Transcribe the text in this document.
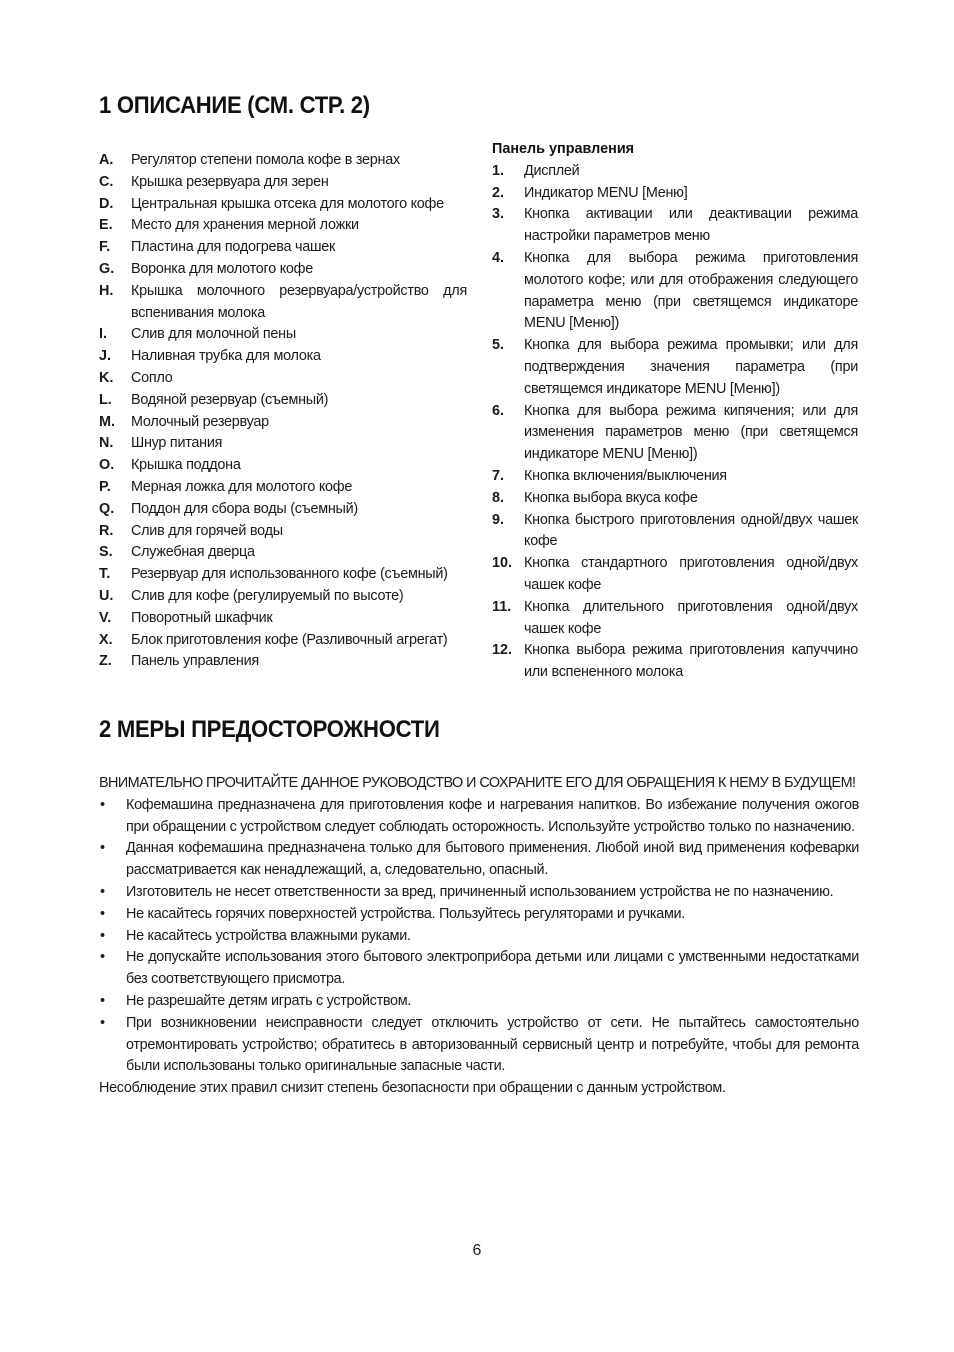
1 ОПИСАНИЕ (СМ. СТР. 2)
A.	Регулятор степени помола кофе в зернах
C.	Крышка резервуара для зерен
D.	Центральная крышка отсека для молотого кофе
E.	Место для хранения мерной ложки
F.	Пластина для подогрева чашек
G.	Воронка для молотого кофе
H.	Крышка молочного резервуара/устройство для вспенивания молока
I.	Слив для молочной пены
J.	Наливная трубка для молока
K.	Сопло
L.	Водяной резервуар (съемный)
M.	Молочный резервуар
N.	Шнур питания
O.	Крышка поддона
P.	Мерная ложка для молотого кофе
Q.	Поддон для сбора воды (съемный)
R.	Слив для горячей воды
S.	Служебная дверца
T.	Резервуар для использованного кофе (съемный)
U.	Слив для кофе (регулируемый по высоте)
V.	Поворотный шкафчик
X.	Блок приготовления кофе (Разливочный агрегат)
Z.	Панель управления
Панель управления
1.	Дисплей
2.	Индикатор MENU [Меню]
3.	Кнопка активации или деактивации режима настройки параметров меню
4.	Кнопка для выбора режима приготовления молотого кофе; или для отображения следующего параметра меню (при светящемся индикаторе MENU [Меню])
5.	Кнопка для выбора режима промывки; или для подтверждения значения параметра (при светящемся индикаторе MENU [Меню])
6.	Кнопка для выбора режима кипячения; или для изменения параметров меню (при светящемся индикаторе MENU [Меню])
7.	Кнопка включения/выключения
8.	Кнопка выбора вкуса кофе
9.	Кнопка быстрого приготовления одной/двух чашек кофе
10. Кнопка стандартного приготовления одной/двух чашек кофе
11. Кнопка длительного приготовления одной/двух чашек кофе
12. Кнопка выбора режима приготовления капуччино или вспененного молока
2 МЕРЫ ПРЕДОСТОРОЖНОСТИ
ВНИМАТЕЛЬНО ПРОЧИТАЙТЕ ДАННОЕ РУКОВОДСТВО И СОХРАНИТЕ ЕГО ДЛЯ ОБРАЩЕНИЯ К НЕМУ В БУДУЩЕМ!
•	Кофемашина предназначена для приготовления кофе и нагревания напитков. Во избежание получения ожогов при обращении с устройством следует соблюдать осторожность. Используйте устройство только по назначению.
•	Данная кофемашина предназначена только для бытового применения. Любой иной вид применения кофеварки рассматривается как ненадлежащий, а, следовательно, опасный.
•	Изготовитель не несет ответственности за вред, причиненный использованием устройства не по назначению.
•	Не касайтесь горячих поверхностей устройства. Пользуйтесь регуляторами и ручками.
•	Не касайтесь устройства влажными руками.
•	Не допускайте использования этого бытового электроприбора детьми или лицами с умственными недостатками без соответствующего присмотра.
•	Не разрешайте детям играть с устройством.
•	При возникновении неисправности следует отключить устройство от сети. Не пытайтесь самостоятельно отремонтировать устройство; обратитесь в авторизованный сервисный центр и потребуйте, чтобы для ремонта были использованы только оригинальные запасные части.
Несоблюдение этих правил снизит степень безопасности при обращении с данным устройством.
6
